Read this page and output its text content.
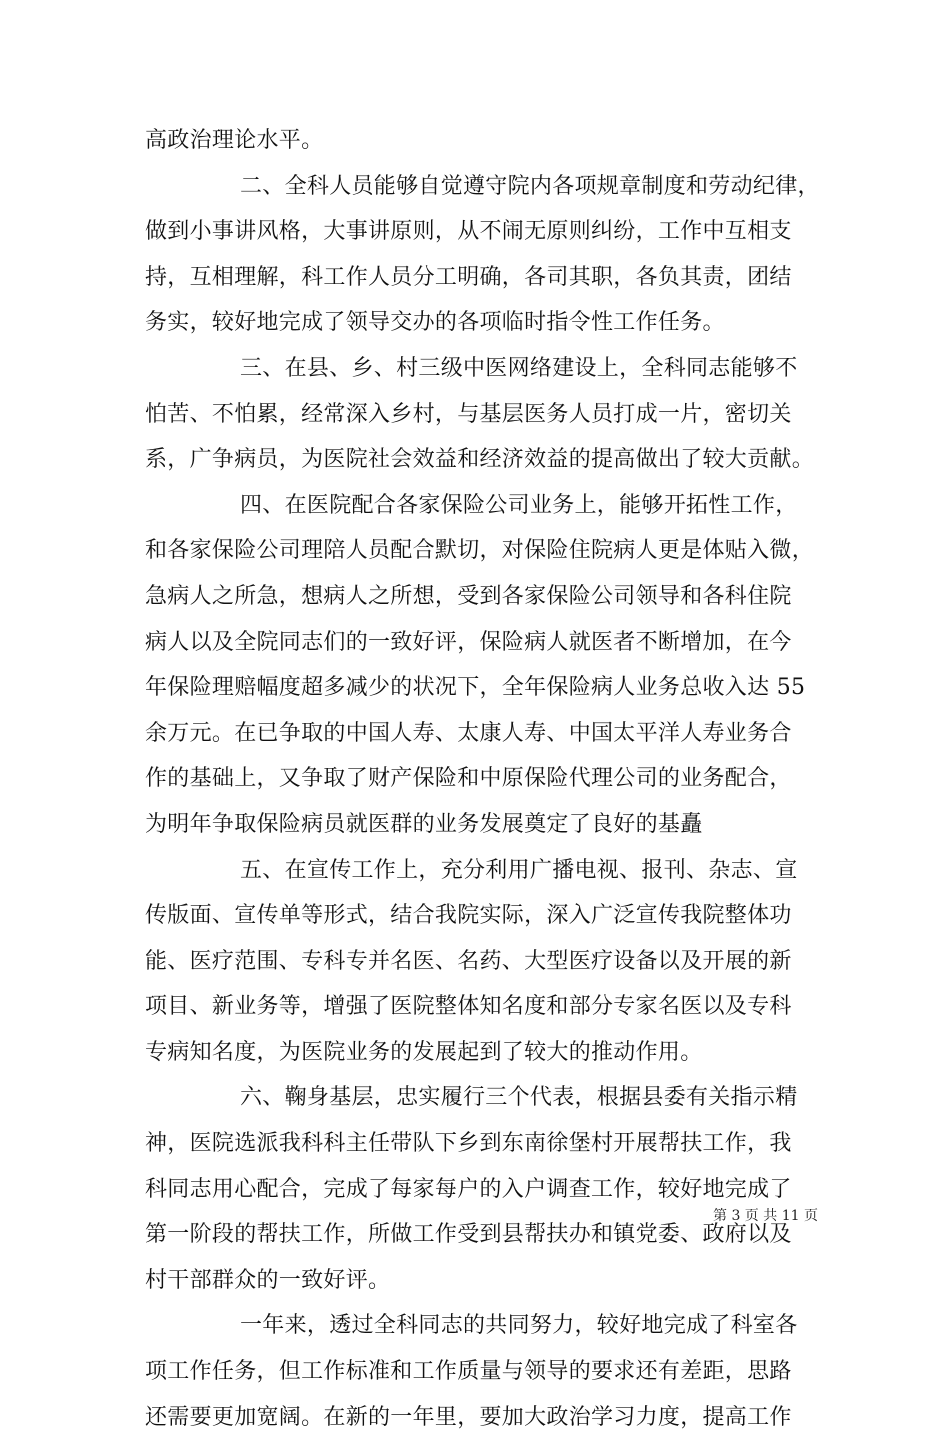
高政治理论水平。
二、全科人员能够自觉遵守院内各项规章制度和劳动纪律，
做到小事讲风格，大事讲原则，从不闹无原则纠纷，工作中互相支
持，互相理解，科工作人员分工明确，各司其职，各负其责，团结
务实，较好地完成了领导交办的各项临时指令性工作任务。
三、在县、乡、村三级中医网络建设上，全科同志能够不
怕苦、不怕累，经常深入乡村，与基层医务人员打成一片，密切关
系，广争病员，为医院社会效益和经济效益的提高做出了较大贡献。
四、在医院配合各家保险公司业务上，能够开拓性工作，
和各家保险公司理陪人员配合默切，对保险住院病人更是体贴入微，
急病人之所急，想病人之所想，受到各家保险公司领导和各科住院
病人以及全院同志们的一致好评，保险病人就医者不断增加，在今
年保险理赔幅度超多减少的状况下，全年保险病人业务总收入达 55
余万元。在已争取的中国人寿、太康人寿、中国太平洋人寿业务合
作的基础上，又争取了财产保险和中原保险代理公司的业务配合，
为明年争取保险病员就医群的业务发展奠定了良好的基矗
五、在宣传工作上，充分利用广播电视、报刊、杂志、宣
传版面、宣传单等形式，结合我院实际，深入广泛宣传我院整体功
能、医疗范围、专科专并名医、名药、大型医疗设备以及开展的新
项目、新业务等，增强了医院整体知名度和部分专家名医以及专科
专病知名度，为医院业务的发展起到了较大的推动作用。
六、鞠身基层，忠实履行三个代表，根据县委有关指示精
神，医院选派我科科主任带队下乡到东南徐堡村开展帮扶工作，我
科同志用心配合，完成了每家每户的入户调查工作，较好地完成了
第一阶段的帮扶工作，所做工作受到县帮扶办和镇党委、政府以及
村干部群众的一致好评。
一年来，透过全科同志的共同努力，较好地完成了科室各
项工作任务，但工作标准和工作质量与领导的要求还有差距，思路
还需要更加宽阔。在新的一年里，要加大政治学习力度，提高工作
第 3 页 共 11 页
